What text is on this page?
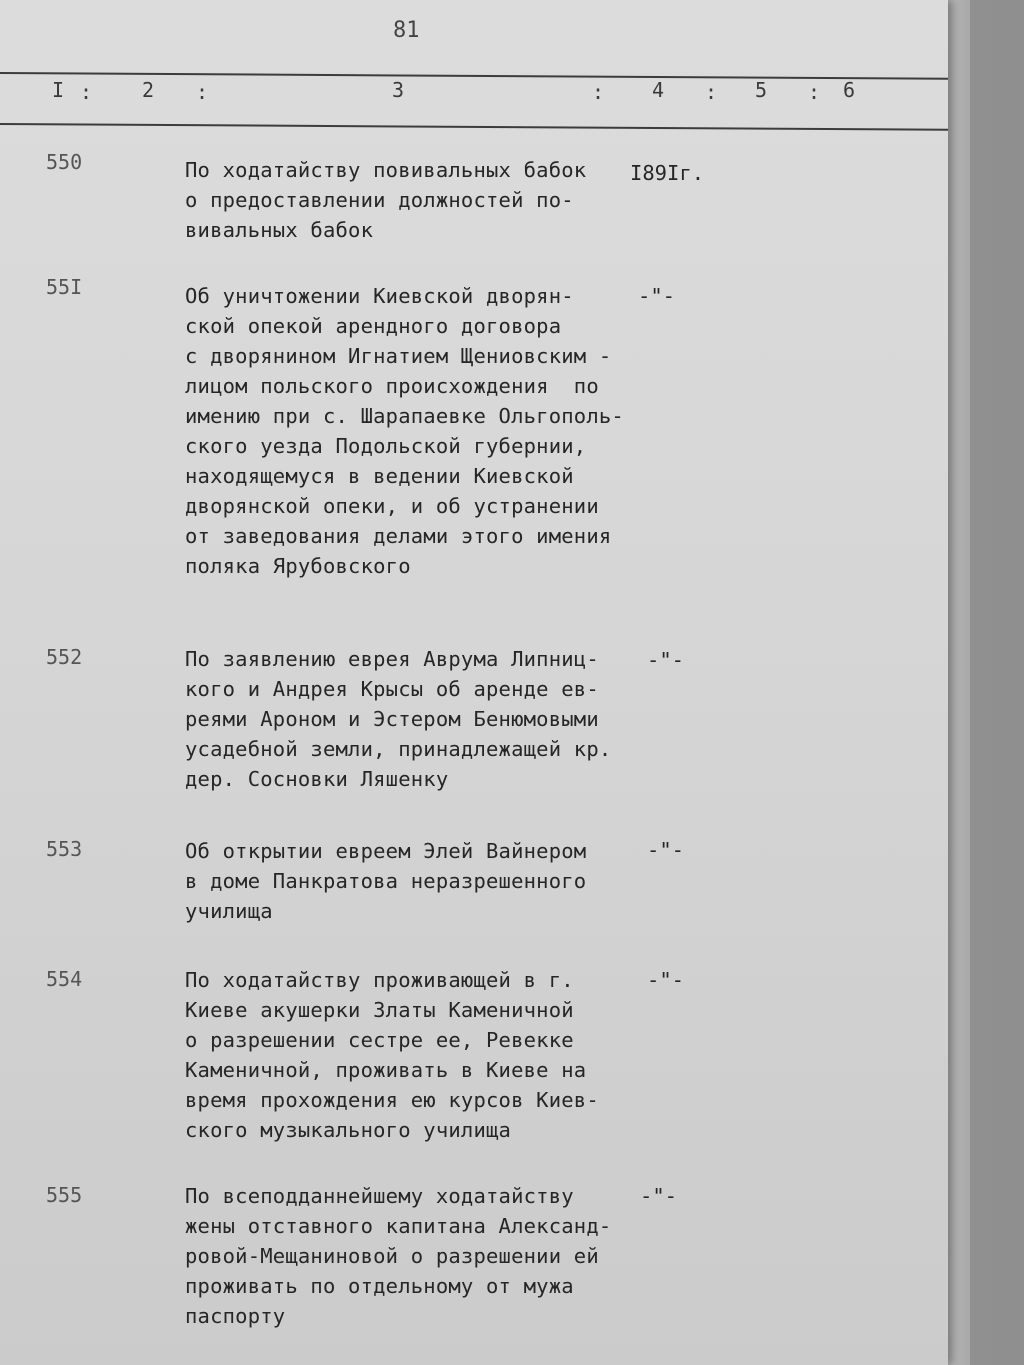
81
I : 2 :	3	: 4 : 5 : 6
550	По ходатайству повивальных бабок
о предоставлении должностей по-
вивальных бабок
I89Iг.
55I	Об уничтожении Киевской дворян-
ской опекой арендного договора
с дворянином Игнатием Щениовским -
лицом польского происхождения  по
имению при с. Шарапаевке Ольгополь-
ского уезда Подольской губернии,
находящемуся в ведении Киевской
дворянской опеки, и об устранении
от заведования делами этого имения
поляка Ярубовского
-"-
552	По заявлению еврея Аврума Липниц-
кого и Андрея Крысы об аренде ев-
реями Ароном и Эстером Бенюмовыми
усадебной земли, принадлежащей кр.
дер. Сосновки Ляшенку
-"-
553	Об открытии евреем Элей Вайнером
в доме Панкратова неразрешенного
училища
-"-
554	По ходатайству проживающей в г.
Киеве акушерки Златы Каменичной
о разрешении сестре ее, Ревекке
Каменичной, проживать в Киеве на
время прохождения ею курсов Киев-
ского музыкального училища
-"-
555	По всеподданнейшему ходатайству
жены отставного капитана Александ-
ровой-Мещаниновой о разрешении ей
проживать по отдельному от мужа
паспорту
-"-
